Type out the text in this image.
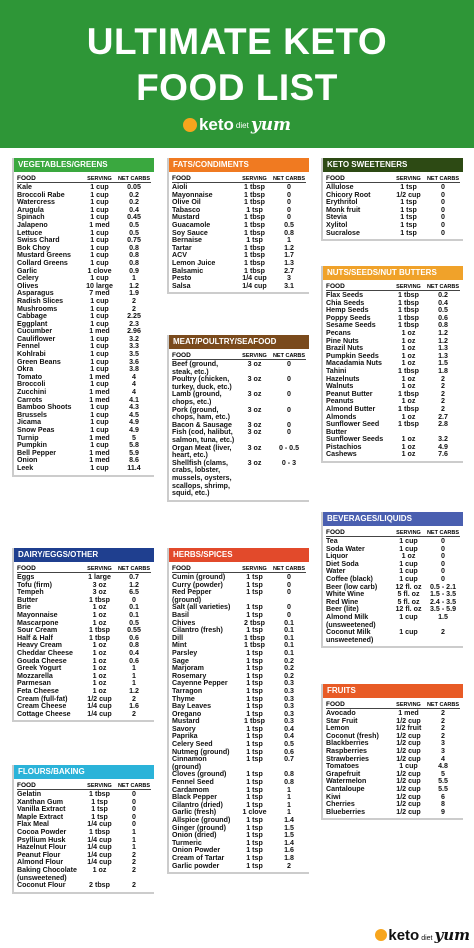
ULTIMATE KETO
FOOD LIST
keto diet yum
VEGETABLES/GREENS
FOOD	SERVING	NET CARBS
Kale	1 cup	0.05
Broccoli Rabe	1 cup	0.2
Watercress	1 cup	0.2
Arugula	1 cup	0.4
Spinach	1 cup	0.45
Jalapeno	1 med	0.5
Lettuce	1 cup	0.5
Swiss Chard	1 cup	0.75
Bok Choy	1 cup	0.8
Mustard Greens	1 cup	0.8
Collard Greens	1 cup	0.8
Garlic	1 clove	0.9
Celery	1 cup	1
Olives	10 large	1.2
Asparagus	7 med	1.9
Radish Slices	1 cup	2
Mushrooms	1 cup	2
Cabbage	1 cup	2.25
Eggplant	1 cup	2.3
Cucumber	1 med	2.96
Cauliflower	1 cup	3.2
Fennel	1 cup	3.3
Kohlrabi	1 cup	3.5
Green Beans	1 cup	3.6
Okra	1 cup	3.8
Tomato	1 med	4
Broccoli	1 cup	4
Zucchini	1 med	4
Carrots	1 med	4.1
Bamboo Shoots	1 cup	4.3
Brussels	1 cup	4.5
Jicama	1 cup	4.9
Snow Peas	1 cup	4.9
Turnip	1 med	5
Pumpkin	1 cup	5.8
Bell Pepper	1 med	5.9
Onion	1 med	8.6
Leek	1 cup	11.4
FATS/CONDIMENTS
FOOD	SERVING	NET CARBS
Aioli	1 tbsp	0
Mayonnaise	1 tbsp	0
Olive Oil	1 tbsp	0
Tabasco	1 tsp	0
Mustard	1 tbsp	0
Guacamole	1 tbsp	0.5
Soy Sauce	1 tbsp	0.8
Bernaise	1 tsp	1
Tartar	1 tbsp	1.2
ACV	1 tbsp	1.7
Lemon Juice	1 tbsp	1.3
Balsamic	1 tbsp	2.7
Pesto	1/4 cup	3
Salsa	1/4 cup	3.1
KETO SWEETENERS
FOOD	SERVING	NET CARBS
Allulose	1 tsp	0
Chicory Root	1/2 cup	0
Erythritol	1 tsp	0
Monk fruit	1 tsp	0
Stevia	1 tsp	0
Xylitol	1 tsp	0
Sucralose	1 tsp	0
NUTS/SEEDS/NUT BUTTERS
FOOD	SERVING	NET CARBS
Flax Seeds	1 tbsp	0.2
Chia Seeds	1 tbsp	0.4
Hemp Seeds	1 tbsp	0.5
Poppy Seeds	1 tbsp	0.6
Sesame Seeds	1 tbsp	0.8
Pecans	1 oz	1.2
Pine Nuts	1 oz	1.2
Brazil Nuts	1 oz	1.3
Pumpkin Seeds	1 oz	1.3
Macadamia Nuts	1 oz	1.5
Tahini	1 tbsp	1.8
Hazelnuts	1 oz	2
Walnuts	1 oz	2
Peanut Butter	1 tbsp	2
Peanuts	1 oz	2
Almond Butter	1 tbsp	2
Almonds	1 oz	2.7
Sunflower Seed
Butter
1 tbsp	2.8
Sunflower Seeds	1 oz	3.2
Pistachios	1 oz	4.9
Cashews	1 oz	7.6
MEAT/POULTRY/SEAFOOD
FOOD	SERVING	NET CARBS
Beef (ground,
steak, etc.)
3 oz	0
Poultry (chicken,
turkey, duck, etc.)
3 oz	0
Lamb (ground,
chops, etc.)
3 oz	0
Pork (ground,
chops, ham, etc.)
3 oz	0
Bacon & Sausage	3 oz	0
Fish (cod, halibut,
salmon, tuna, etc.)
3 oz	0
Organ Meat (liver,
heart, etc.)
3 oz	0 - 0.5
Shellfish (clams,
crabs, lobster,
mussels, oysters,
scallops, shrimp,
squid, etc.)
3 oz	0 - 3
BEVERAGES/LIQUIDS
FOOD	SERVING	NET CARBS
Tea	1 cup	0
Soda Water	1 cup	0
Liquor	1 oz	0
Diet Soda	1 cup	0
Water	1 cup	0
Coffee (black)	1 cup	0
Beer (low carb)	12 fl. oz	0.5 - 2.1
White Wine	5 fl. oz	1.5 - 3.5
Red Wine	5 fl. oz	2.4 - 3.5
Beer (lite)	12 fl. oz	3.5 - 5.9
Almond Milk
(unsweetened)
1 cup	1.5
Coconut Milk
unsweetened)
1 cup	2
DAIRY/EGGS/OTHER
FOOD	SERVING	NET CARBS
Eggs	1 large	0.7
Tofu (firm)	3 oz	1.2
Tempeh	3 oz	6.5
Butter	1 tbsp	0
Brie	1 oz	0.1
Mayonnaise	1 oz	0.1
Mascarpone	1 oz	0.5
Sour Cream	1 tbsp	0.55
Half & Half	1 tbsp	0.6
Heavy Cream	1 oz	0.8
Cheddar Cheese	1 oz	0.4
Gouda Cheese	1 oz	0.6
Greek Yogurt	1 oz	1
Mozzarella	1 oz	1
Parmesan	1 oz	1
Feta Cheese	1 oz	1.2
Cream (full-fat)	1/2 cup	2
Cream Cheese	1/4 cup	1.6
Cottage Cheese	1/4 cup	2
HERBS/SPICES
FOOD	SERVING	NET CARBS
Cumin (ground)	1 tsp	0
Curry (powder)	1 tsp	0
Red Pepper (ground)
1 tsp	0
Salt (all varieties)	1 tsp	0
Basil	1 tsp	0
Chives	2 tbsp	0.1
Cilantro (fresh)	1 tsp	0.1
Dill	1 tbsp	0.1
Mint	1 tbsp	0.1
Parsley	1 tsp	0.1
Sage	1 tsp	0.2
Marjoram	1 tsp	0.2
Rosemary	1 tsp	0.2
Cayenne Pepper	1 tsp	0.3
Tarragon	1 tsp	0.3
Thyme	1 tsp	0.3
Bay Leaves	1 tsp	0.3
Oregano	1 tsp	0.3
Mustard	1 tbsp	0.3
Savory	1 tsp	0.4
Paprika	1 tsp	0.4
Celery Seed	1 tsp	0.5
Nutmeg (ground)	1 tsp	0.6
Cinnamon (ground)
1 tsp	0.7
Cloves (ground)	1 tsp	0.8
Fennel Seed	1 tsp	0.8
Cardamom	1 tsp	1
Black Pepper	1 tsp	1
Cilantro (dried)	1 tsp	1
Garlic (fresh)	1 clove	1
Allspice (ground)	1 tsp	1.4
Ginger (ground)	1 tsp	1.5
Onion (dried)	1 tsp	1.5
Turmeric	1 tsp	1.4
Onion Powder	1 tsp	1.6
Cream of Tartar	1 tsp	1.8
Garlic powder	1 tsp	2
FRUITS
FOOD	SERVING	NET CARBS
Avocado	1 med	2
Star Fruit	1/2 cup	2
Lemon	1/2 fruit	2
Coconut (fresh)	1/2 cup	2
Blackberries	1/2 cup	3
Raspberries	1/2 cup	3
Strawberries	1/2 cup	4
Tomatoes	1 cup	4.8
Grapefruit	1/2 cup	5
Watermelon	1/2 cup	5.5
Cantaloupe	1/2 cup	5.5
Kiwi	1/2 cup	6
Cherries	1/2 cup	8
Blueberries	1/2 cup	9
FLOURS/BAKING
FOOD	SERVING	NET CARBS
Gelatin	1 tbsp	0
Xanthan Gum	1 tsp	0
Vanilla Extract	1 tsp	0
Maple Extract	1 tsp	0
Flax Meal	1/4 cup	0
Cocoa Powder	1 tbsp	1
Psyllium Husk	1/4 cup	1
Hazelnut Flour	1/4 cup	1
Peanut Flour	1/4 cup	2
Almond Flour	1/4 cup	2
Baking Chocolate
(unsweetened)
1 oz	2
Coconut Flour	2 tbsp	2
keto diet yum
